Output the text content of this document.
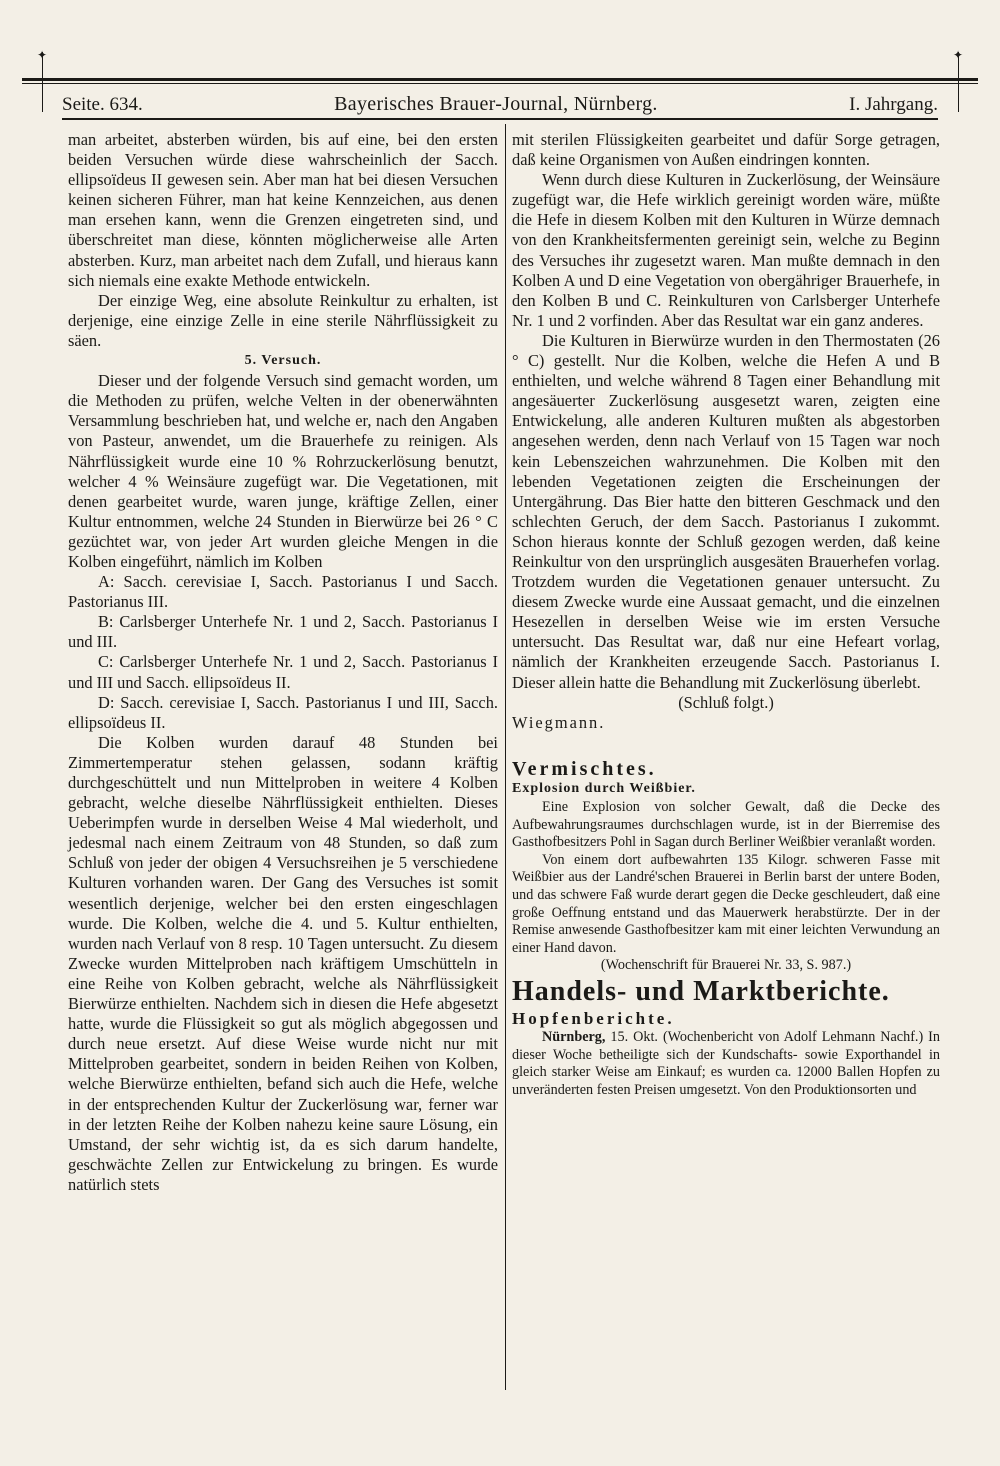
✦	✦
Seite. 634.	Bayerisches Brauer-Journal, Nürnberg.	I. Jahrgang.

man arbeitet, absterben würden, bis auf eine, bei den ersten beiden Versuchen würde diese wahrscheinlich der Sacch. ellipsoïdeus II gewesen sein. Aber man hat bei diesen Versuchen keinen sicheren Führer, man hat keine Kennzeichen, aus denen man ersehen kann, wenn die Grenzen eingetreten sind, und überschreitet man diese, könnten möglicherweise alle Arten absterben. Kurz, man arbeitet nach dem Zufall, und hieraus kann sich niemals eine exakte Methode entwickeln.

Der einzige Weg, eine absolute Reinkultur zu erhalten, ist derjenige, eine einzige Zelle in eine sterile Nährflüssigkeit zu säen.

5. Versuch.

Dieser und der folgende Versuch sind gemacht worden, um die Methoden zu prüfen, welche Velten in der obenerwähnten Versammlung beschrieben hat, und welche er, nach den Angaben von Pasteur, anwendet, um die Brauerhefe zu reinigen. Als Nährflüssigkeit wurde eine 10 % Rohrzuckerlösung benutzt, welcher 4 % Weinsäure zugefügt war. Die Vegetationen, mit denen gearbeitet wurde, waren junge, kräftige Zellen, einer Kultur entnommen, welche 24 Stunden in Bierwürze bei 26 ° C gezüchtet war, von jeder Art wurden gleiche Mengen in die Kolben eingeführt, nämlich im Kolben

A: Sacch. cerevisiae I, Sacch. Pastorianus I und Sacch. Pastorianus III.

B: Carlsberger Unterhefe Nr. 1 und 2, Sacch. Pastorianus I und III.

C: Carlsberger Unterhefe Nr. 1 und 2, Sacch. Pastorianus I und III und Sacch. ellipsoïdeus II.

D: Sacch. cerevisiae I, Sacch. Pastorianus I und III, Sacch. ellipsoïdeus II.

Die Kolben wurden darauf 48 Stunden bei Zimmertemperatur stehen gelassen, sodann kräftig durchgeschüttelt und nun Mittelproben in weitere 4 Kolben gebracht, welche dieselbe Nährflüssigkeit enthielten. Dieses Ueberimpfen wurde in derselben Weise 4 Mal wiederholt, und jedesmal nach einem Zeitraum von 48 Stunden, so daß zum Schluß von jeder der obigen 4 Versuchsreihen je 5 verschiedene Kulturen vorhanden waren. Der Gang des Versuches ist somit wesentlich derjenige, welcher bei den ersten eingeschlagen wurde. Die Kolben, welche die 4. und 5. Kultur enthielten, wurden nach Verlauf von 8 resp. 10 Tagen untersucht. Zu diesem Zwecke wurden Mittelproben nach kräftigem Umschütteln in eine Reihe von Kolben gebracht, welche als Nährflüssigkeit Bierwürze enthielten. Nachdem sich in diesen die Hefe abgesetzt hatte, wurde die Flüssigkeit so gut als möglich abgegossen und durch neue ersetzt. Auf diese Weise wurde nicht nur mit Mittelproben gearbeitet, sondern in beiden Reihen von Kolben, welche Bierwürze enthielten, befand sich auch die Hefe, welche in der entsprechenden Kultur der Zuckerlösung war, ferner war in der letzten Reihe der Kolben nahezu keine saure Lösung, ein Umstand, der sehr wichtig ist, da es sich darum handelte, geschwächte Zellen zur Entwickelung zu bringen. Es wurde natürlich stets

mit sterilen Flüssigkeiten gearbeitet und dafür Sorge getragen, daß keine Organismen von Außen eindringen konnten.

Wenn durch diese Kulturen in Zuckerlösung, der Weinsäure zugefügt war, die Hefe wirklich gereinigt worden wäre, müßte die Hefe in diesem Kolben mit den Kulturen in Würze demnach von den Krankheitsfermenten gereinigt sein, welche zu Beginn des Versuches ihr zugesetzt waren. Man mußte demnach in den Kolben A und D eine Vegetation von obergähriger Brauerhefe, in den Kolben B und C. Reinkulturen von Carlsberger Unterhefe Nr. 1 und 2 vorfinden. Aber das Resultat war ein ganz anderes.

Die Kulturen in Bierwürze wurden in den Thermostaten (26 ° C) gestellt. Nur die Kolben, welche die Hefen A und B enthielten, und welche während 8 Tagen einer Behandlung mit angesäuerter Zuckerlösung ausgesetzt waren, zeigten eine Entwickelung, alle anderen Kulturen mußten als abgestorben angesehen werden, denn nach Verlauf von 15 Tagen war noch kein Lebenszeichen wahrzunehmen. Die Kolben mit den lebenden Vegetationen zeigten die Erscheinungen der Untergährung. Das Bier hatte den bitteren Geschmack und den schlechten Geruch, der dem Sacch. Pastorianus I zukommt. Schon hieraus konnte der Schluß gezogen werden, daß keine Reinkultur von den ursprünglich ausgesäten Brauerhefen vorlag. Trotzdem wurden die Vegetationen genauer untersucht. Zu diesem Zwecke wurde eine Aussaat gemacht, und die einzelnen Hesezellen in derselben Weise wie im ersten Versuche untersucht. Das Resultat war, daß nur eine Hefeart vorlag, nämlich der Krankheiten erzeugende Sacch. Pastorianus I. Dieser allein hatte die Behandlung mit Zuckerlösung überlebt.

(Schluß folgt.)

Wiegmann.

Vermischtes.

Explosion durch Weißbier.

Eine Explosion von solcher Gewalt, daß die Decke des Aufbewahrungsraumes durchschlagen wurde, ist in der Bierremise des Gasthofbesitzers Pohl in Sagan durch Berliner Weißbier veranlaßt worden.

Von einem dort aufbewahrten 135 Kilogr. schweren Fasse mit Weißbier aus der Landré'schen Brauerei in Berlin barst der untere Boden, und das schwere Faß wurde derart gegen die Decke geschleudert, daß eine große Oeffnung entstand und das Mauerwerk herabstürzte. Der in der Remise anwesende Gasthofbesitzer kam mit einer leichten Verwundung an einer Hand davon.

(Wochenschrift für Brauerei Nr. 33, S. 987.)

Handels- und Marktberichte.

Hopfenberichte.

Nürnberg, 15. Okt. (Wochenbericht von Adolf Lehmann Nachf.) In dieser Woche betheiligte sich der Kundschafts- sowie Exporthandel in gleich starker Weise am Einkauf; es wurden ca. 12000 Ballen Hopfen zu unveränderten festen Preisen umgesetzt. Von den Produktionsorten und
